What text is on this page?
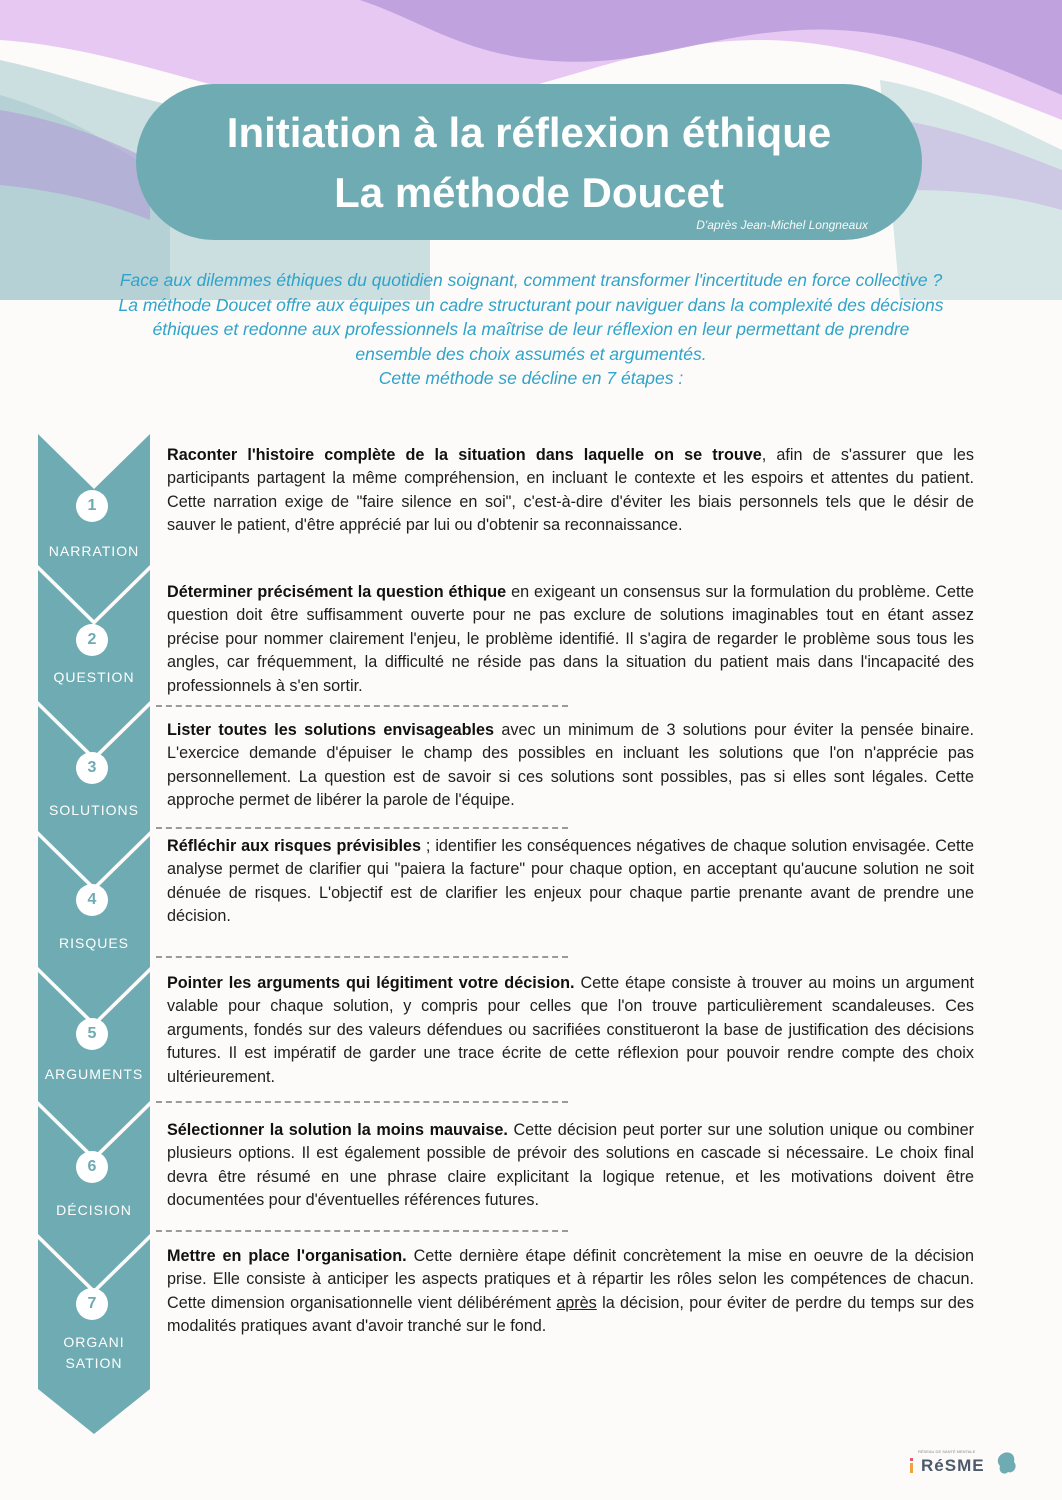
Initiation à la réflexion éthique
La méthode Doucet
D'après Jean-Michel Longneaux

Face aux dilemmes éthiques du quotidien soignant, comment transformer l'incertitude en force collective ?

La méthode Doucet offre aux équipes un cadre structurant pour naviguer dans la complexité des décisions

éthiques et redonne aux professionnels la maîtrise de leur réflexion en leur permettant de prendre

ensemble des choix assumés et argumentés.

Cette méthode se décline en 7 étapes :

1
NARRATION
2
QUESTION
3
SOLUTIONS
4
RISQUES
5
ARGUMENTS
6
DÉCISION
7
ORGANI
SATION
Raconter l'histoire complète de la situation dans laquelle on se trouve, afin de s'assurer que les participants partagent la même compréhension, en incluant le contexte et les espoirs et attentes du patient. Cette narration exige de "faire silence en soi", c'est-à-dire d'éviter les biais personnels tels que le désir de sauver le patient, d'être apprécié par lui ou d'obtenir sa reconnaissance.
Déterminer précisément la question éthique en exigeant un consensus sur la formulation du problème. Cette question doit être suffisamment ouverte pour ne pas exclure de solutions imaginables tout en étant assez précise pour nommer clairement l'enjeu, le problème identifié. Il s'agira de regarder le problème sous tous les angles, car fréquemment, la difficulté ne réside pas dans la situation du patient mais dans l'incapacité des professionnels à s'en sortir.
Lister toutes les solutions envisageables avec un minimum de 3 solutions pour éviter la pensée binaire. L'exercice demande d'épuiser le champ des possibles en incluant les solutions que l'on n'apprécie pas personnellement. La question est de savoir si ces solutions sont possibles, pas si elles sont légales. Cette approche permet de libérer la parole de l'équipe.
Réfléchir aux risques prévisibles ; identifier les conséquences négatives de chaque solution envisagée. Cette analyse permet de clarifier qui "paiera la facture" pour chaque option, en acceptant qu'aucune solution ne soit dénuée de risques. L'objectif est de clarifier les enjeux pour chaque partie prenante avant de prendre une décision.
Pointer les arguments qui légitiment votre décision. Cette étape consiste à trouver au moins un argument valable pour chaque solution, y compris pour celles que l'on trouve particulièrement scandaleuses. Ces arguments, fondés sur des valeurs défendues ou sacrifiées constitueront la base de justification des décisions futures. Il est impératif de garder une trace écrite de cette réflexion pour pouvoir rendre compte des choix ultérieurement.
Sélectionner la solution la moins mauvaise. Cette décision peut porter sur une solution unique ou combiner plusieurs options. Il est également possible de prévoir des solutions en cascade si nécessaire. Le choix final devra être résumé en une phrase claire explicitant la logique retenue, et les motivations doivent être documentées pour d'éventuelles références futures.
Mettre en place l'organisation. Cette dernière étape définit concrètement la mise en oeuvre de la décision prise. Elle consiste à anticiper les aspects pratiques et à répartir les rôles selon les compétences de chacun. Cette dimension organisationnelle vient délibérément après la décision, pour éviter de perdre du temps sur des modalités pratiques avant d'avoir tranché sur le fond.
RÉSEAU DE SANTÉ MENTALE
RéSME
